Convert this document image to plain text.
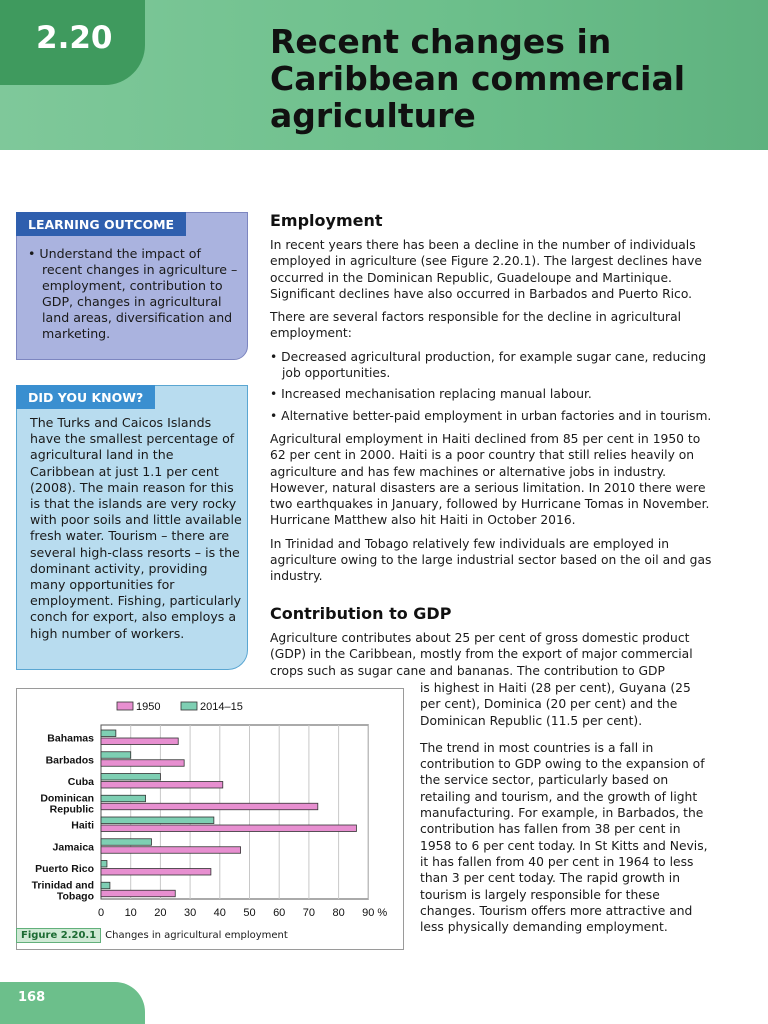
2.20	Recent changes in
Caribbean commercial
agriculture
LEARNING OUTCOME
• Understand the impact of recent changes in agriculture – employment, contribution to GDP, changes in agricultural land areas, diversification and marketing.
DID YOU KNOW?
The Turks and Caicos Islands have the smallest percentage of agricultural land in the Caribbean at just 1.1 per cent (2008). The main reason for this is that the islands are very rocky with poor soils and little available fresh water. Tourism – there are several high-class resorts – is the dominant activity, providing many opportunities for employment. Fishing, particularly conch for export, also employs a high number of workers.
Employment

In recent years there has been a decline in the number of individuals employed in agriculture (see Figure 2.20.1). The largest declines have occurred in the Dominican Republic, Guadeloupe and Martinique. Significant declines have also occurred in Barbados and Puerto Rico.

There are several factors responsible for the decline in agricultural employment:

• Decreased agricultural production, for example sugar cane, reducing job opportunities.
• Increased mechanisation replacing manual labour.
• Alternative better-paid employment in urban factories and in tourism.

Agricultural employment in Haiti declined from 85 per cent in 1950 to 62 per cent in 2000. Haiti is a poor country that still relies heavily on agriculture and has few machines or alternative jobs in industry. However, natural disasters are a serious limitation. In 2010 there were two earthquakes in January, followed by Hurricane Tomas in November. Hurricane Matthew also hit Haiti in October 2016.

In Trinidad and Tobago relatively few individuals are employed in agriculture owing to the large industrial sector based on the oil and gas industry.

Contribution to GDP
Agriculture contributes about 25 per cent of gross domestic product (GDP) in the Caribbean, mostly from the export of major commercial crops such as sugar cane and bananas. The contribution to GDP

is highest in Haiti (28 per cent), Guyana (25 per cent), Dominica (20 per cent) and the Dominican Republic (11.5 per cent).

The trend in most countries is a fall in contribution to GDP owing to the expansion of the service sector, particularly based on retailing and tourism, and the growth of light manufacturing. For example, in Barbados, the contribution has fallen from 38 per cent in 1958 to 6 per cent today. In St Kitts and Nevis, it has fallen from 40 per cent in 1964 to less than 3 per cent today. The rapid growth in tourism is largely responsible for these changes. Tourism offers more attractive and less physically demanding employment.

0 10 20 30 40 50 60 70 80 90 %
1950	2014–15
Bahamas
Barbados
Cuba
Dominican
Republic
Haiti
Jamaica
Puerto Rico
Trinidad and
Tobago
Figure 2.20.1 Changes in agricultural employment
168
